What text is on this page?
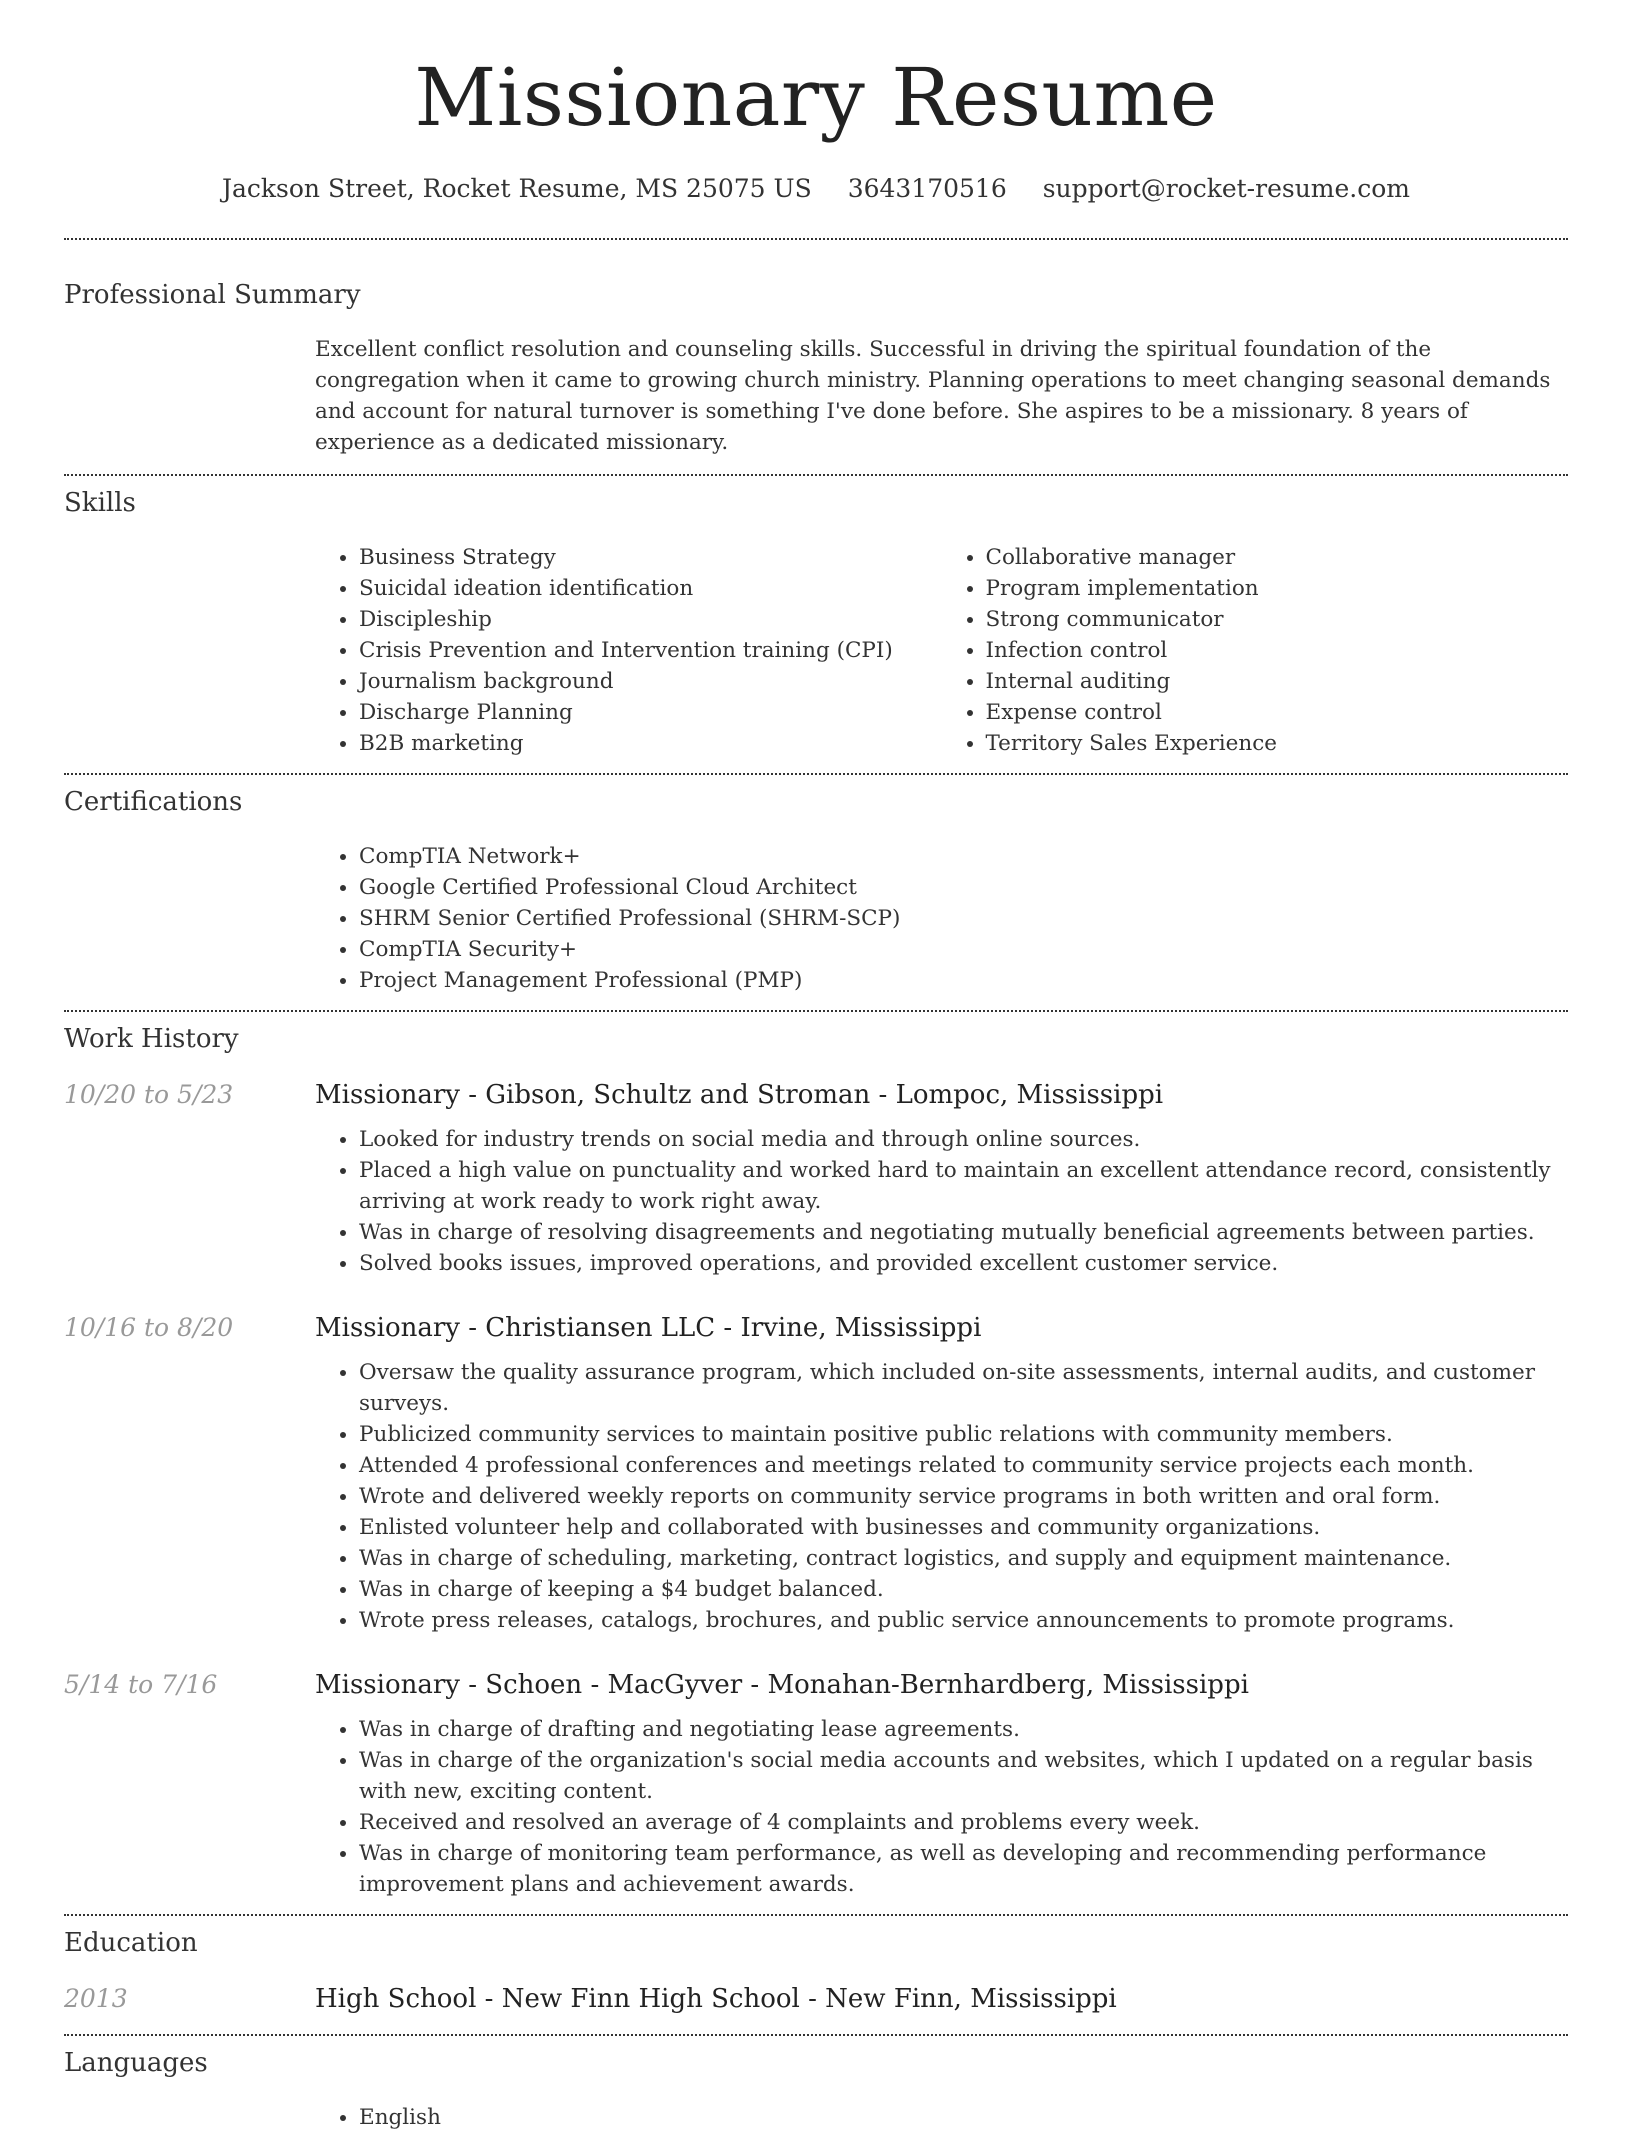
Missionary Resume
Jackson Street, Rocket Resume, MS 25075 US 3643170516 support@rocket-resume.com
Professional Summary
Excellent conflict resolution and counseling skills. Successful in driving the spiritual foundation of the congregation when it came to growing church ministry. Planning operations to meet changing seasonal demands and account for natural turnover is something I've done before. She aspires to be a missionary. 8 years of experience as a dedicated missionary.
Skills
• Business Strategy
• Suicidal ideation identification
• Discipleship
• Crisis Prevention and Intervention training (CPI)
• Journalism background
• Discharge Planning
• B2B marketing
• Collaborative manager
• Program implementation
• Strong communicator
• Infection control
• Internal auditing
• Expense control
• Territory Sales Experience
Certifications
• CompTIA Network+
• Google Certified Professional Cloud Architect
• SHRM Senior Certified Professional (SHRM-SCP)
• CompTIA Security+
• Project Management Professional (PMP)
Work History
10/20 to 5/23	Missionary - Gibson, Schultz and Stroman - Lompoc, Mississippi
• Looked for industry trends on social media and through online sources.
• Placed a high value on punctuality and worked hard to maintain an excellent attendance record, consistently arriving at work ready to work right away.
• Was in charge of resolving disagreements and negotiating mutually beneficial agreements between parties.
• Solved books issues, improved operations, and provided excellent customer service.
10/16 to 8/20	Missionary - Christiansen LLC - Irvine, Mississippi
• Oversaw the quality assurance program, which included on-site assessments, internal audits, and customer surveys.
• Publicized community services to maintain positive public relations with community members.
• Attended 4 professional conferences and meetings related to community service projects each month.
• Wrote and delivered weekly reports on community service programs in both written and oral form.
• Enlisted volunteer help and collaborated with businesses and community organizations.
• Was in charge of scheduling, marketing, contract logistics, and supply and equipment maintenance.
• Was in charge of keeping a $4 budget balanced.
• Wrote press releases, catalogs, brochures, and public service announcements to promote programs.
5/14 to 7/16	Missionary - Schoen - MacGyver - Monahan-Bernhardberg, Mississippi
• Was in charge of drafting and negotiating lease agreements.
• Was in charge of the organization's social media accounts and websites, which I updated on a regular basis with new, exciting content.
• Received and resolved an average of 4 complaints and problems every week.
• Was in charge of monitoring team performance, as well as developing and recommending performance improvement plans and achievement awards.
Education
2013	High School - New Finn High School - New Finn, Mississippi
Languages
• English
